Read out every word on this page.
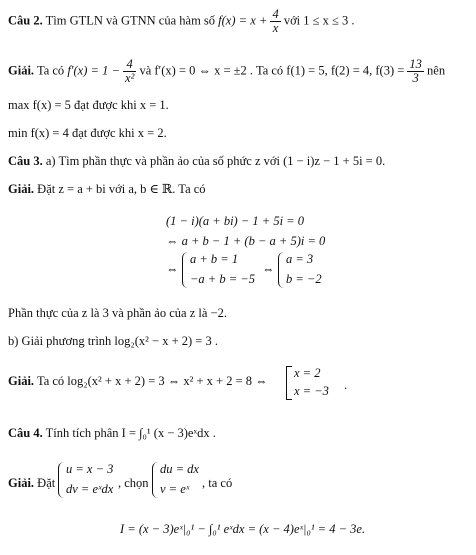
Câu 2. Tìm GTLN và GTNN của hàm số $f(x) = x + \frac{4}{x}$ với 1 ≤ x ≤ 3 .
Giải. Ta có $f'(x) = 1 - \frac{4}{\text{x²}}$ và f′(x) = 0 ⇔ x = ±2 . Ta có f(1) = 5, f(2) = 4, $f(3) = \frac{13}{3}$ nên
max f(x) = 5 đạt được khi x = 1.
min f(x) = 4 đạt được khi x = 2.
Câu 3. a) Tìm phần thực và phần ảo của số phức z với (1 − i)z − 1 + 5i = 0.
Giải. Đặt z = a + bi với a, b ∈ ℝ. Ta có
(1 − i)(a + bi) − 1 + 5i = 0
⇔ a + b − 1 + (b − a + 5)i = 0
⇔
a + b = 1
−a + b = −5
⇔
a = 3
b = −2
Phần thực của z là 3 và phần ảo của z là −2.
b) Giải phương trình log₂(x² − x + 2) = 3 .
Giải. Ta có log₂(x² + x + 2) = 3 ⇔ x² + x + 2 = 8 ⇔
x = 2
x = −3 .
Câu 4. Tính tích phân I = ∫₀¹ (x − 3)eˣdx .
Giải. Đặt
u = x − 3
dv = eˣdx , chọn
du = dx
v = eˣ , ta có
I = (x − 3)eˣ|₀¹ − ∫₀¹ eˣdx = (x − 4)eˣ|₀¹ = 4 − 3e.
